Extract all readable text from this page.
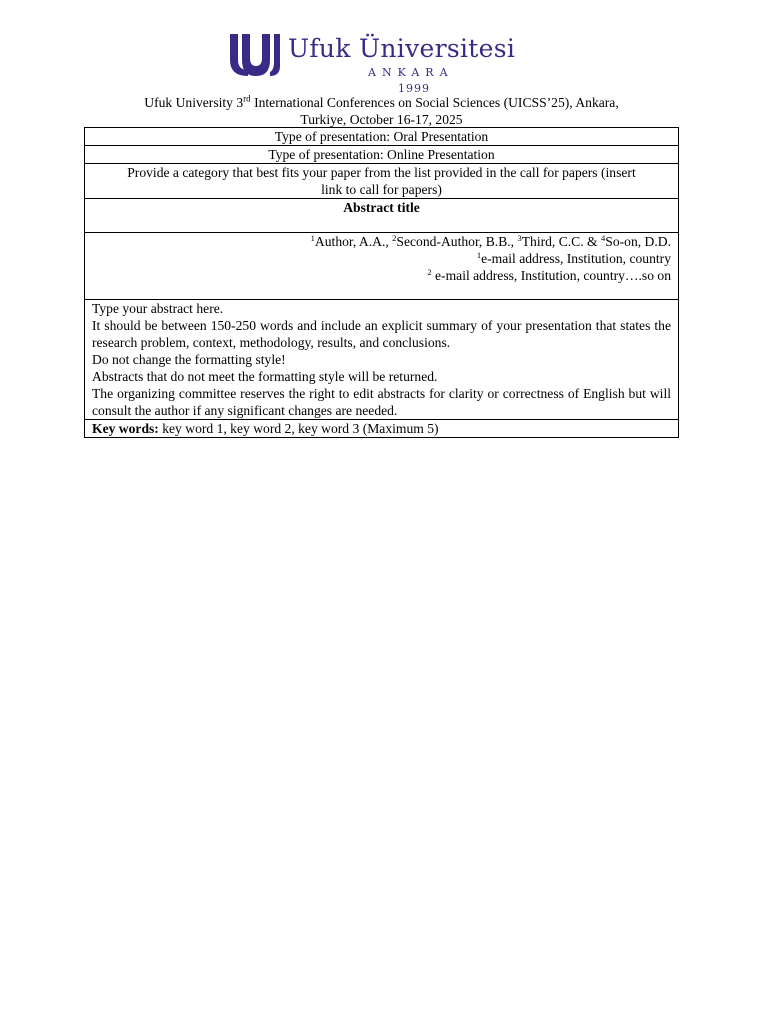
Ufuk Üniversitesi
ANKARA
1999
Ufuk University 3rd International Conferences on Social Sciences (UICSS’25), Ankara,
Turkiye, October 16-17, 2025
Type of presentation: Oral Presentation
Type of presentation: Online Presentation

Provide a category that best fits your paper from the list provided in the call for papers (insert
link to call for papers)

Abstract title

$^1$Author, A.A., $^2$Second-Author, B.B., $^3$Third, C.C. & $^4$So-on, D.D.
$^1$e-mail address, Institution, country
$^2$ e-mail address, Institution, country….so on

Type your abstract here.
It should be between 150-250 words and include an explicit summary of your presentation that states the research problem, context, methodology, results, and conclusions.
Do not change the formatting style!
Abstracts that do not meet the formatting style will be returned.
The organizing committee reserves the right to edit abstracts for clarity or correctness of English but will consult the author if any significant changes are needed.

Key words: key word 1, key word 2, key word 3 (Maximum 5)
